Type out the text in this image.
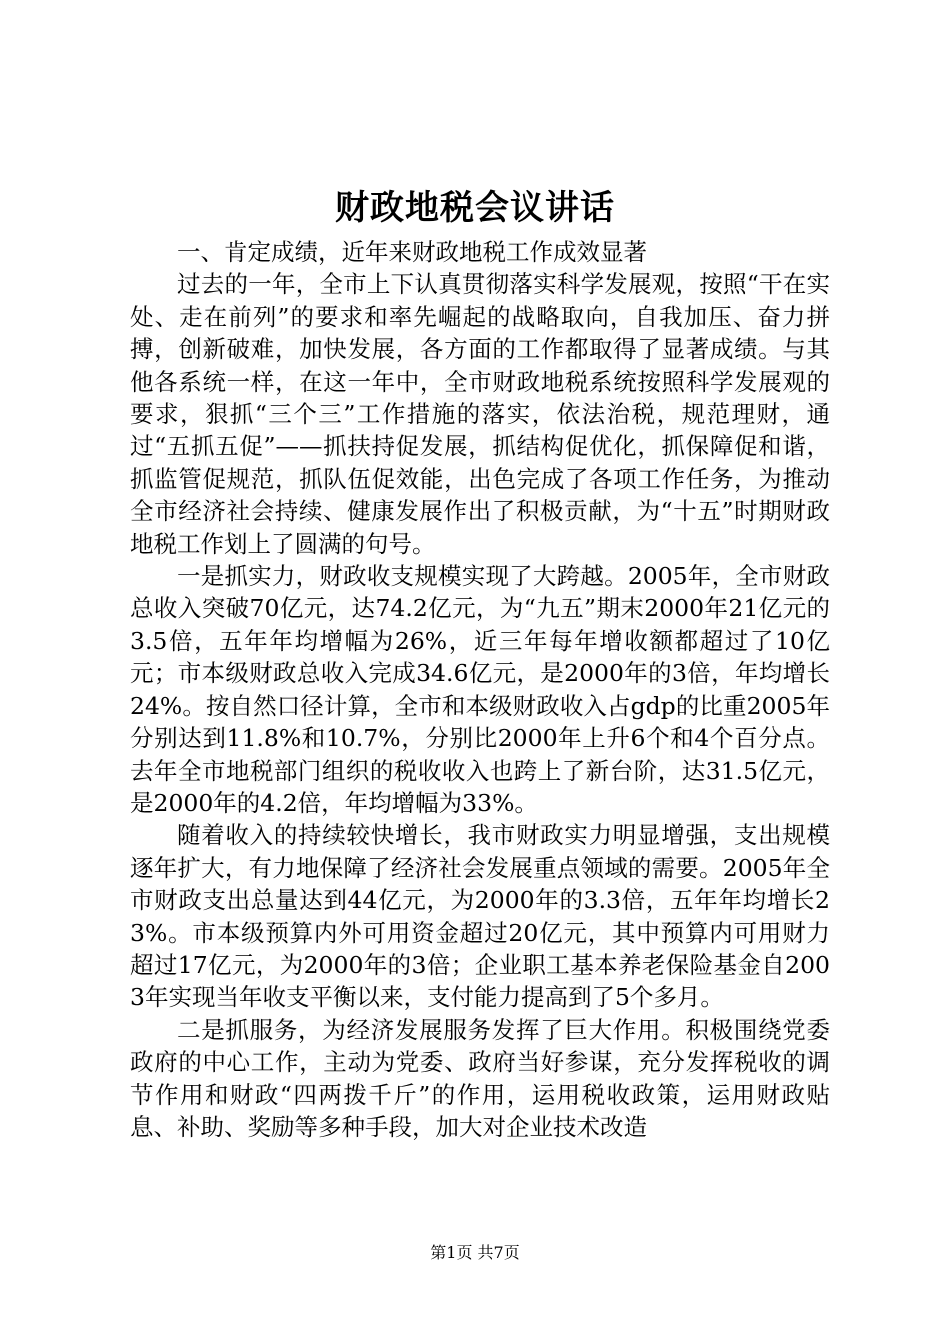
财政地税会议讲话

一、肯定成绩，近年来财政地税工作成效显著

过去的一年，全市上下认真贯彻落实科学发展观，按照“干在实处、走在前列”的要求和率先崛起的战略取向，自我加压、奋力拼搏，创新破难，加快发展，各方面的工作都取得了显著成绩。与其他各系统一样，在这一年中，全市财政地税系统按照科学发展观的要求，狠抓“三个三”工作措施的落实，依法治税，规范理财，通过“五抓五促”——抓扶持促发展，抓结构促优化，抓保障促和谐，抓监管促规范，抓队伍促效能，出色完成了各项工作任务，为推动全市经济社会持续、健康发展作出了积极贡献，为“十五”时期财政地税工作划上了圆满的句号。

一是抓实力，财政收支规模实现了大跨越。2005年，全市财政总收入突破70亿元，达74.2亿元，为“九五”期末2000年21亿元的3.5倍，五年年均增幅为26%，近三年每年增收额都超过了10亿元；市本级财政总收入完成34.6亿元，是2000年的3倍，年均增长24%。按自然口径计算，全市和本级财政收入占gdp的比重2005年分别达到11.8%和10.7%，分别比2000年上升6个和4个百分点。去年全市地税部门组织的税收收入也跨上了新台阶，达31.5亿元，是2000年的4.2倍，年均增幅为33%。

随着收入的持续较快增长，我市财政实力明显增强，支出规模逐年扩大，有力地保障了经济社会发展重点领域的需要。2005年全市财政支出总量达到44亿元，为2000年的3.3倍，五年年均增长23%。市本级预算内外可用资金超过20亿元，其中预算内可用财力超过17亿元，为2000年的3倍；企业职工基本养老保险基金自2003年实现当年收支平衡以来，支付能力提高到了5个多月。

二是抓服务，为经济发展服务发挥了巨大作用。积极围绕党委政府的中心工作，主动为党委、政府当好参谋，充分发挥税收的调节作用和财政“四两拨千斤”的作用，运用税收政策，运用财政贴息、补助、奖励等多种手段，加大对企业技术改造

第1页 共7页
